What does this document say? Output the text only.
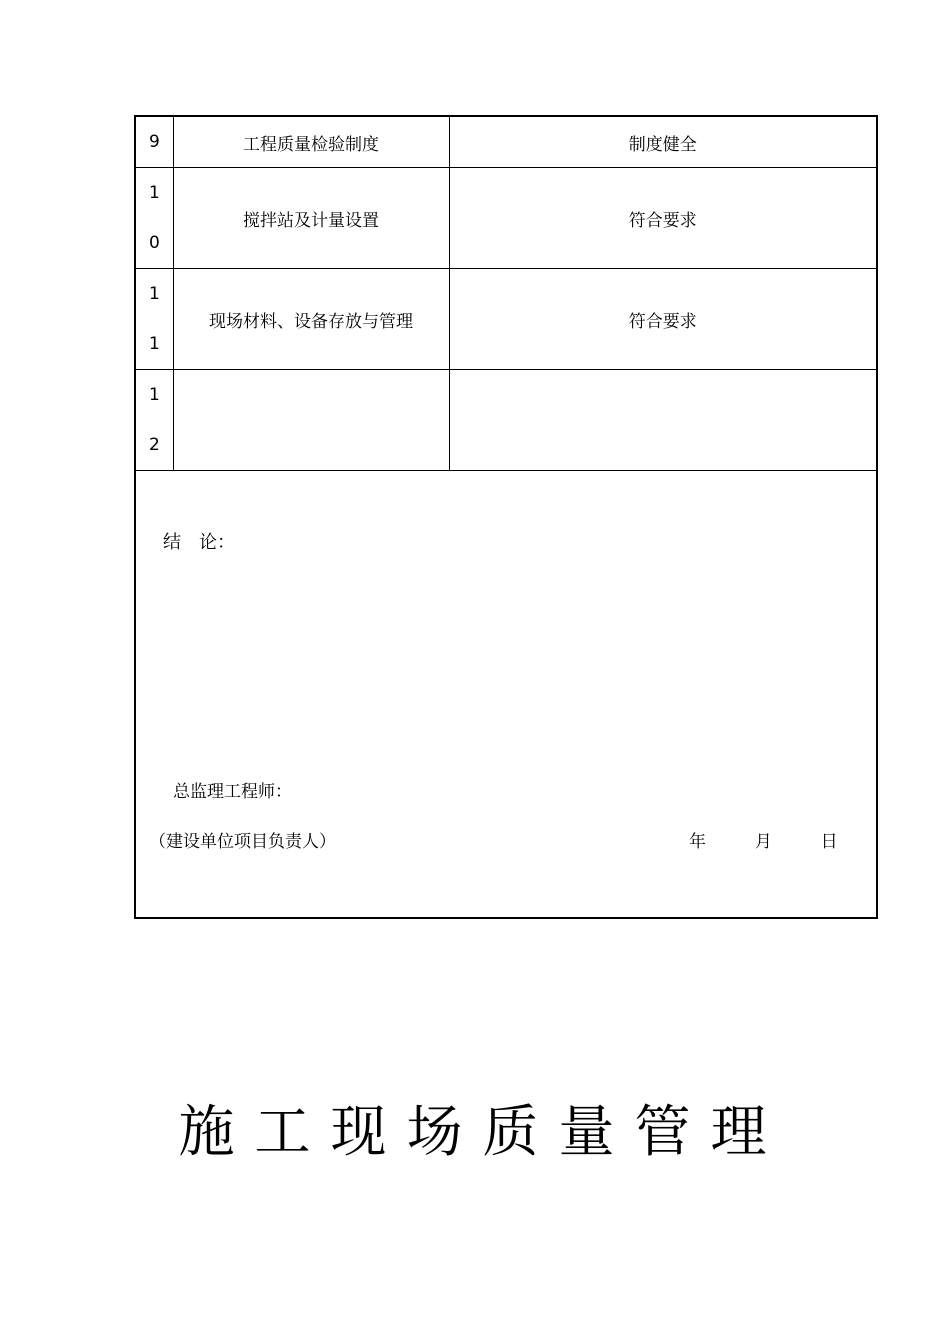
9	工程质量检验制度	制度健全

10	搅拌站及计量设置	符合要求

11	现场材料、设备存放与管理	符合要求

12		

结　论：
总监理工程师：
（建设单位项目负责人）	年	月	日
施工现场质量管理
